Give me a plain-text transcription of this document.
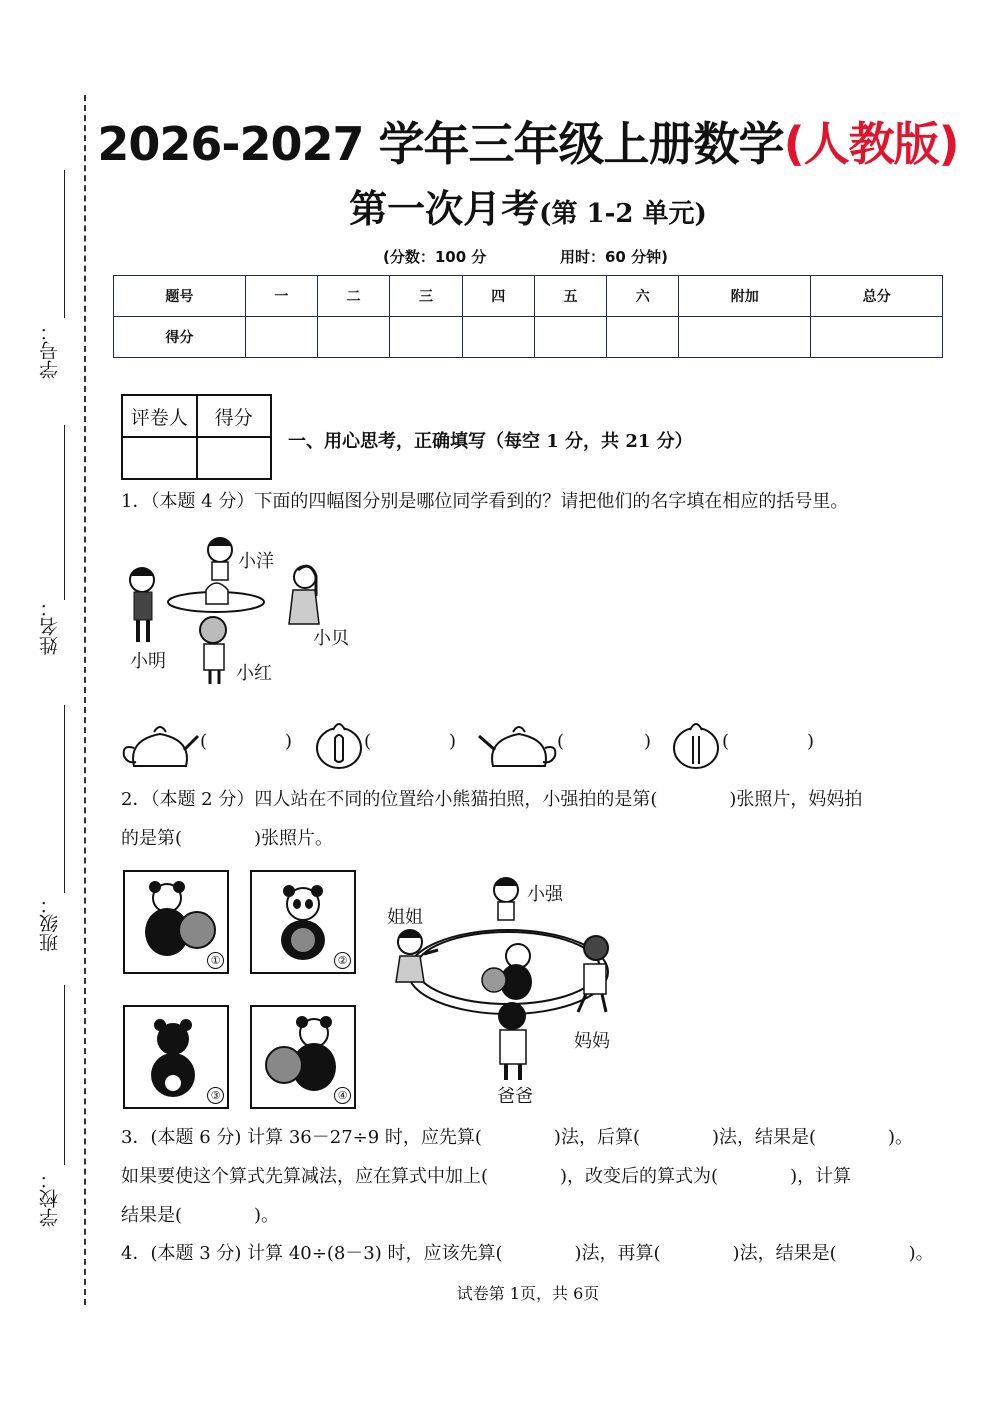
学号：
姓名：
班级：
学校：
2026-2027 学年三年级上册数学(人教版)
第一次月考(第 1-2 单元)
(分数：100 分	用时：60 分钟)
题号	一	二	三	四	五	六	附加	总分
得分								
评卷人	得分

一、用心思考，正确填写（每空 1 分，共 21 分）
1．（本题 4 分）下面的四幅图分别是哪位同学看到的？请把他们的名字填在相应的括号里。
小洋
小明
小贝
小红
(	)	(	)	(	)	(	)
2．（本题 2 分）四人站在不同的位置给小熊猫拍照，小强拍的是第(　　　　)张照片，妈妈拍
的是第(　　　　)张照片。
①	②
③	④
小强
姐姐
妈妈
爸爸
3．(本题 6 分) 计算 36－27÷9 时，应先算(　　　　)法，后算(　　　　)法，结果是(　　　　)。
如果要使这个算式先算减法，应在算式中加上(　　　　)，改变后的算式为(　　　　)，计算
结果是(　　　　)。
4．(本题 3 分) 计算 40÷(8－3) 时，应该先算(　　　　)法，再算(　　　　)法，结果是(　　　　)。
试卷第 1页，共 6页
